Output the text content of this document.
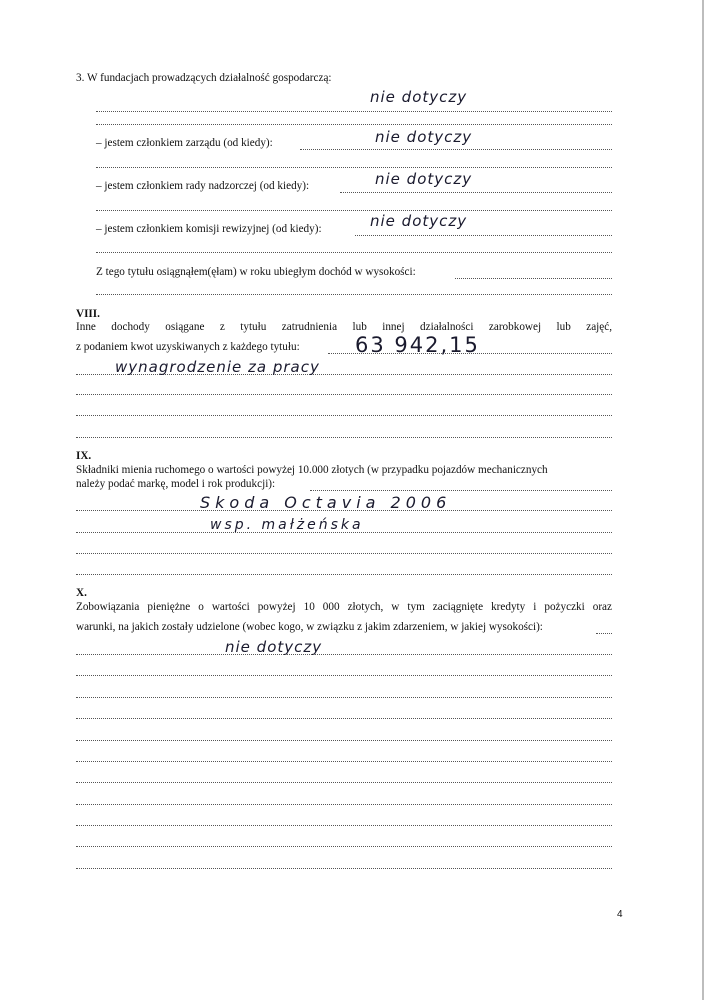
3. W fundacjach prowadzących działalność gospodarczą:
nie dotyczy
– jestem członkiem zarządu (od kiedy):	nie dotyczy
– jestem członkiem rady nadzorczej (od kiedy):	nie dotyczy
– jestem członkiem komisji rewizyjnej (od kiedy):	nie dotyczy
Z tego tytułu osiągnąłem(ęłam) w roku ubiegłym dochód w wysokości:
VIII.
Inne dochody osiągane z tytułu zatrudnienia lub innej działalności zarobkowej lub zajęć,
z podaniem kwot uzyskiwanych z każdego tytułu:	63 942,15
wynagrodzenie za pracy
IX.
Składniki mienia ruchomego o wartości powyżej 10.000 złotych (w przypadku pojazdów mechanicznych
należy podać markę, model i rok produkcji):
Skoda Octavia 2006
wsp. małżeńska
X.
Zobowiązania pieniężne o wartości powyżej 10 000 złotych, w tym zaciągnięte kredyty i pożyczki oraz
warunki, na jakich zostały udzielone (wobec kogo, w związku z jakim zdarzeniem, w jakiej wysokości):
nie dotyczy
4
